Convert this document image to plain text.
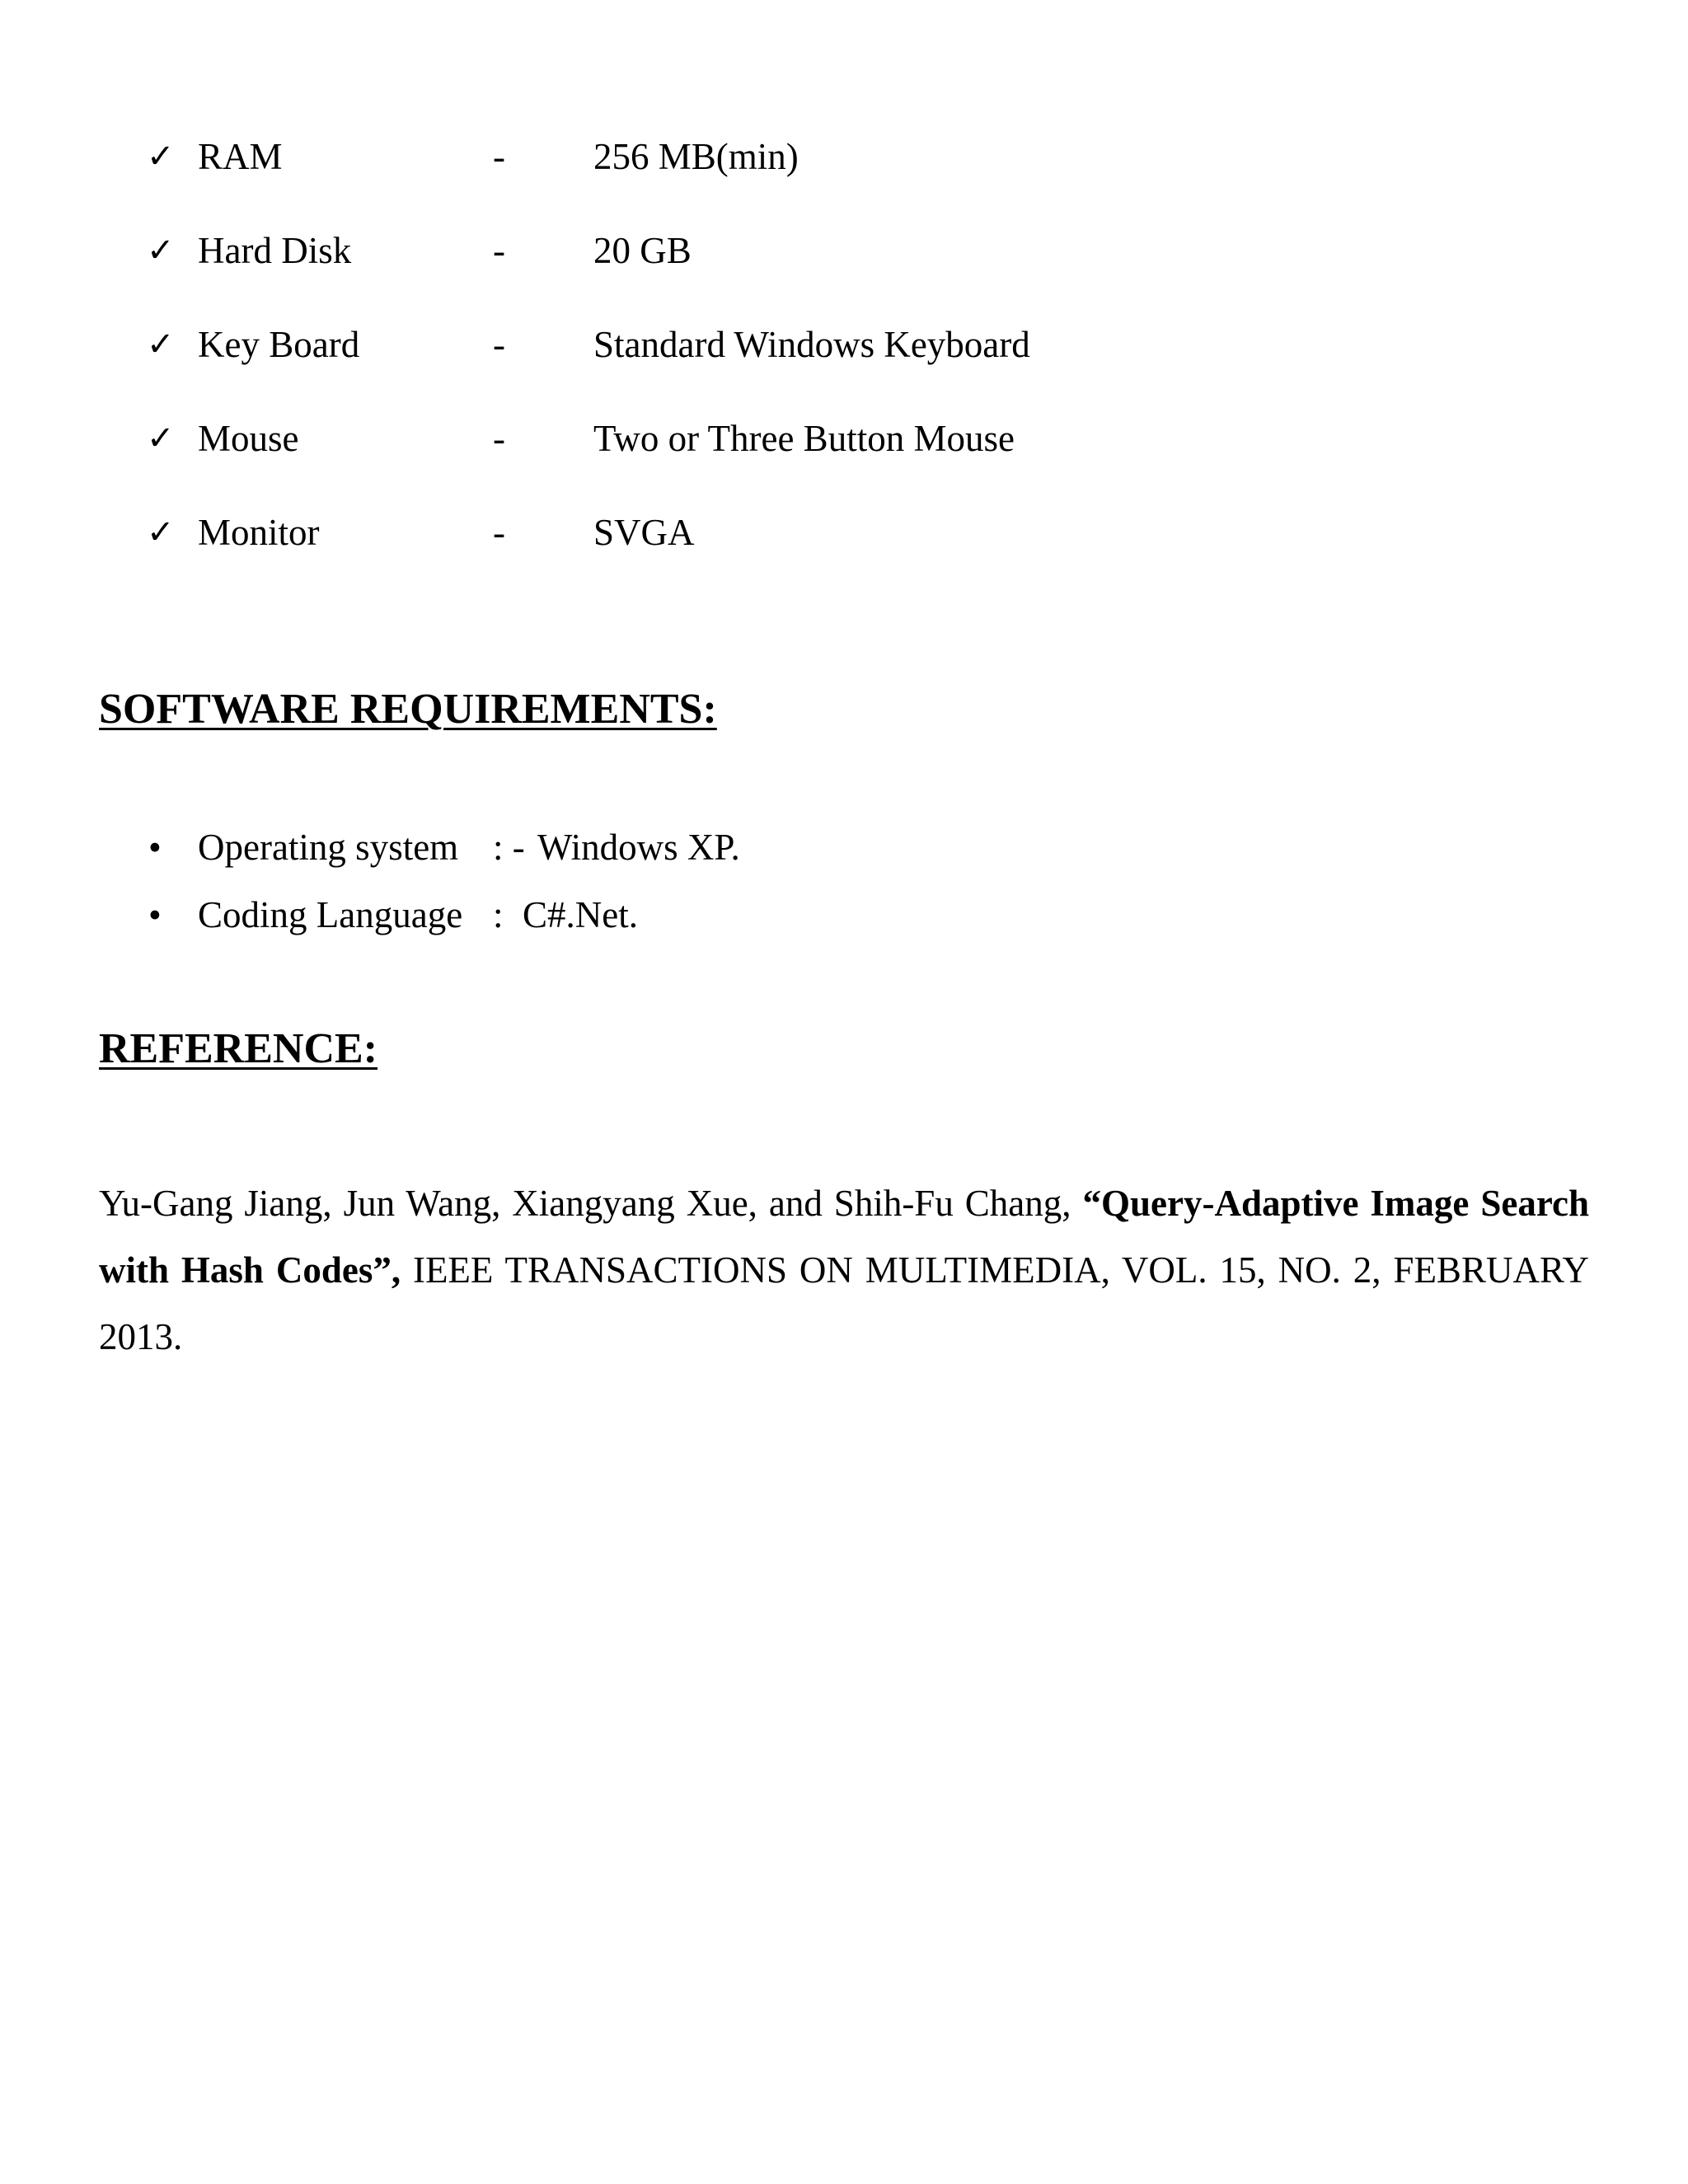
✓ RAM	- 256 MB(min)
✓ Hard Disk	- 20 GB
✓ Key Board	- Standard Windows Keyboard
✓ Mouse	- Two or Three Button Mouse
✓ Monitor	- SVGA
SOFTWARE REQUIREMENTS:
• Operating system : - Windows XP.
• Coding Language : C#.Net.
REFERENCE:

Yu-Gang Jiang, Jun Wang, Xiangyang Xue, and Shih-Fu Chang, “Query-Adaptive Image Search with Hash Codes”, IEEE TRANSACTIONS ON MULTIMEDIA, VOL. 15, NO. 2, FEBRUARY 2013.
